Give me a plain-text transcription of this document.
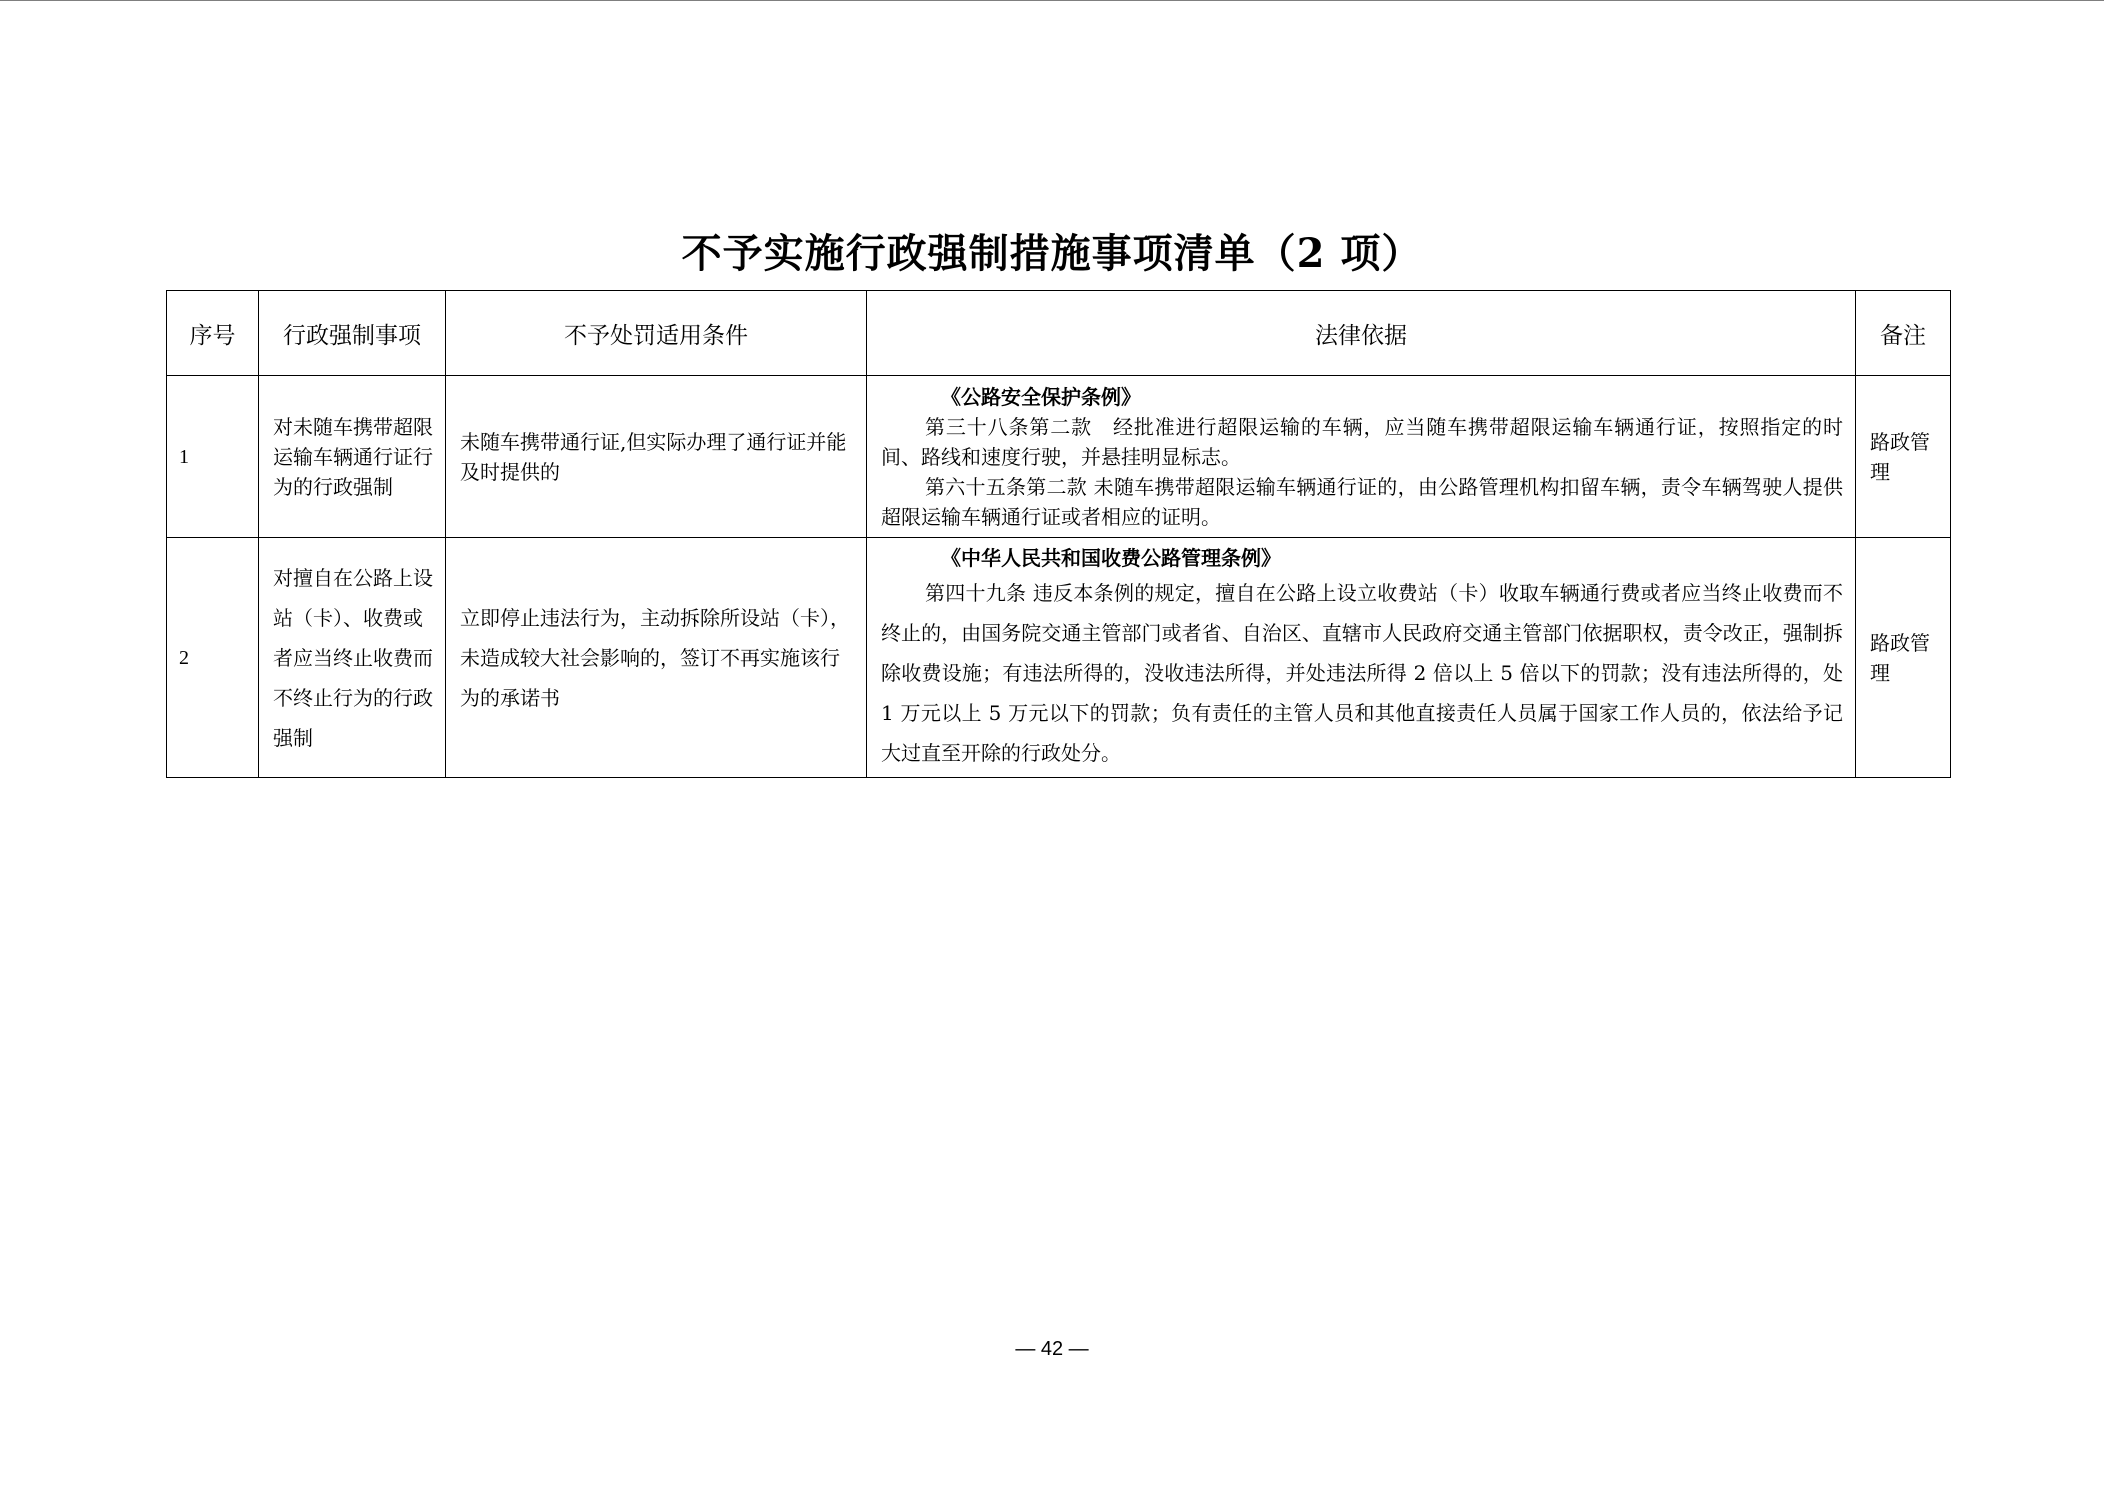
不予实施行政强制措施事项清单（2 项）
序号	行政强制事项	不予处罚适用条件	法律依据	备注
1	对未随车携带超限运输车辆通行证行为的行政强制	未随车携带通行证,但实际办理了通行证并能及时提供的	《公路安全保护条例》
第三十八条第二款　经批准进行超限运输的车辆，应当随车携带超限运输车辆通行证，按照指定的时间、路线和速度行驶，并悬挂明显标志。
第六十五条第二款 未随车携带超限运输车辆通行证的，由公路管理机构扣留车辆，责令车辆驾驶人提供超限运输车辆通行证或者相应的证明。	路政管理
2	对擅自在公路上设站（卡）、收费或者应当终止收费而不终止行为的行政强制	立即停止违法行为，主动拆除所设站（卡），未造成较大社会影响的，签订不再实施该行为的承诺书	《中华人民共和国收费公路管理条例》
第四十九条 违反本条例的规定，擅自在公路上设立收费站（卡）收取车辆通行费或者应当终止收费而不终止的，由国务院交通主管部门或者省、自治区、直辖市人民政府交通主管部门依据职权，责令改正，强制拆除收费设施；有违法所得的，没收违法所得，并处违法所得 2 倍以上 5 倍以下的罚款；没有违法所得的，处 1 万元以上 5 万元以下的罚款；负有责任的主管人员和其他直接责任人员属于国家工作人员的，依法给予记大过直至开除的行政处分。	路政管理
— 42 —
